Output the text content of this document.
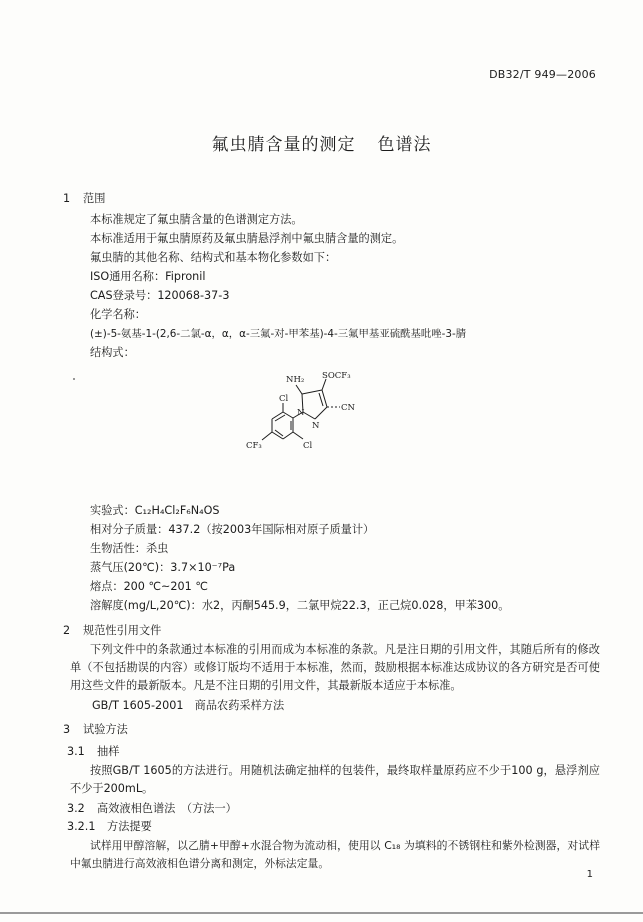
DB32/T 949—2006
氟虫腈含量的测定 色谱法
1 范围
本标准规定了氟虫腈含量的色谱测定方法。
本标准适用于氟虫腈原药及氟虫腈悬浮剂中氟虫腈含量的测定。
氟虫腈的其他名称、结构式和基本物化参数如下：
ISO通用名称：Fipronil
CAS登录号：120068-37-3
化学名称：
(±)-5-氨基-1-(2,6-二氯-α，α，α-三氟-对-甲苯基)-4-三氟甲基亚硫酰基吡唑-3-腈
结构式：
NH₂ SOCF₃
Cl
CN
N
N
CF₃	Cl
实验式：C₁₂H₄Cl₂F₆N₄OS
相对分子质量：437.2（按2003年国际相对原子质量计）
生物活性：杀虫
蒸气压(20℃)：3.7×10⁻⁷Pa
熔点：200 ℃~201 ℃
溶解度(mg/L,20℃)：水2，丙酮545.9，二氯甲烷22.3，正己烷0.028，甲苯300。
2 规范性引用文件
下列文件中的条款通过本标准的引用而成为本标准的条款。凡是注日期的引用文件，其随后所有的修改单（不包括勘误的内容）或修订版均不适用于本标准，然而，鼓励根据本标准达成协议的各方研究是否可使用这些文件的最新版本。凡是不注日期的引用文件，其最新版本适应于本标准。
GB/T 1605-2001　商品农药采样方法
3 试验方法
3.1 抽样
按照GB/T 1605的方法进行。用随机法确定抽样的包装件，最终取样量原药应不少于100 g，悬浮剂应不少于200mL。
3.2 高效液相色谱法　（方法一）
3.2.1 方法提要
试样用甲醇溶解，以乙腈+甲醇+水混合物为流动相，使用以 C₁₈ 为填料的不锈钢柱和紫外检测器，对试样中氟虫腈进行高效液相色谱分离和测定，外标法定量。
1
